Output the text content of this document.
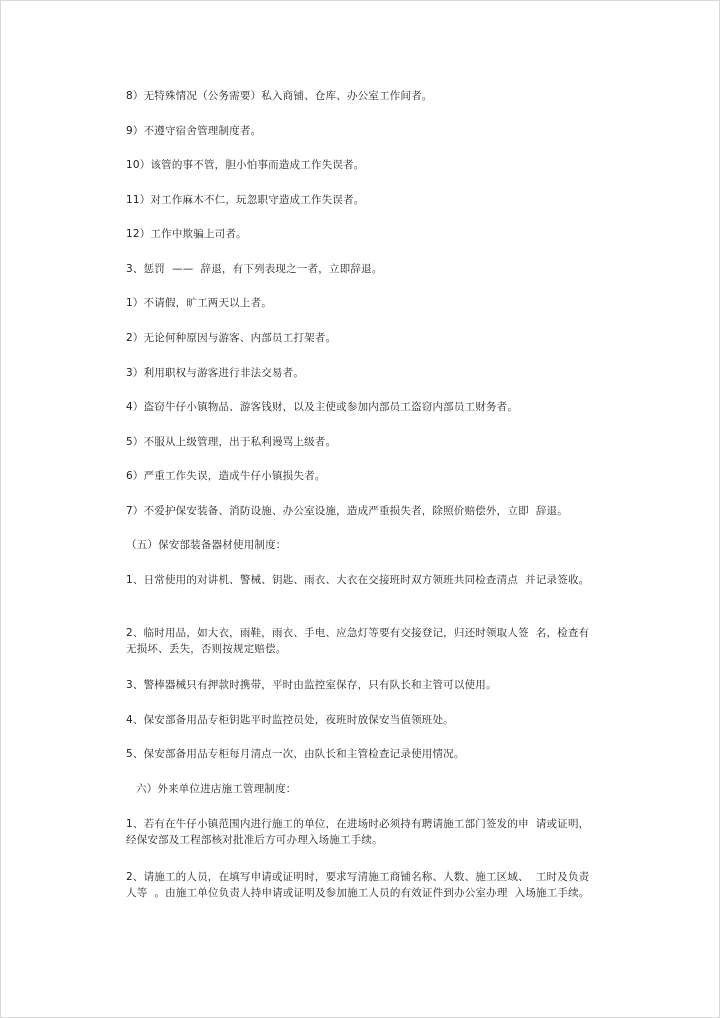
8）无特殊情况（公务需要）私入商铺、仓库、办公室工作间者。
9）不遵守宿舍管理制度者。
10）该管的事不管，胆小怕事而造成工作失误者。
11）对工作麻木不仁，玩忽职守造成工作失误者。
12）工作中欺骗上司者。
3、惩罚  ——  辞退，有下列表现之一者，立即辞退。
1）不请假，旷工两天以上者。
2）无论何种原因与游客、内部员工打架者。
3）利用职权与游客进行非法交易者。
4）盗窃牛仔小镇物品、游客钱财，以及主使或参加内部员工盗窃内部员工财务者。
5）不服从上级管理，出于私利谩骂上级者。
6）严重工作失误，造成牛仔小镇损失者。
7）不爱护保安装备、消防设施、办公室设施，造成严重损失者，除照价赔偿外，立即  辞退。
（五）保安部装备器材使用制度：
1、日常使用的对讲机、警械、钥匙、雨衣、大衣在交接班时双方领班共同检查清点  并记录签收。
2、临时用品，如大衣，雨鞋，雨衣、手电、应急灯等要有交接登记，归还时领取人签  名，检查有无损坏、丢失，否则按规定赔偿。
3、警棒器械只有押款时携带，平时由监控室保存，只有队长和主管可以使用。
4、保安部备用品专柜钥匙平时监控员处，夜班时放保安当值领班处。
5、保安部备用品专柜每月清点一次，由队长和主管检查记录使用情况。
六）外来单位进店施工管理制度：
1、若有在牛仔小镇范围内进行施工的单位，在进场时必须持有聘请施工部门签发的申  请或证明，经保安部及工程部核对批准后方可办理入场施工手续。
2、请施工的人员，在填写申请或证明时，要求写清施工商铺名称、人数、施工区域、  工时及负责人等  。由施工单位负责人持申请或证明及参加施工人员的有效证件到办公室办理  入场施工手续。
